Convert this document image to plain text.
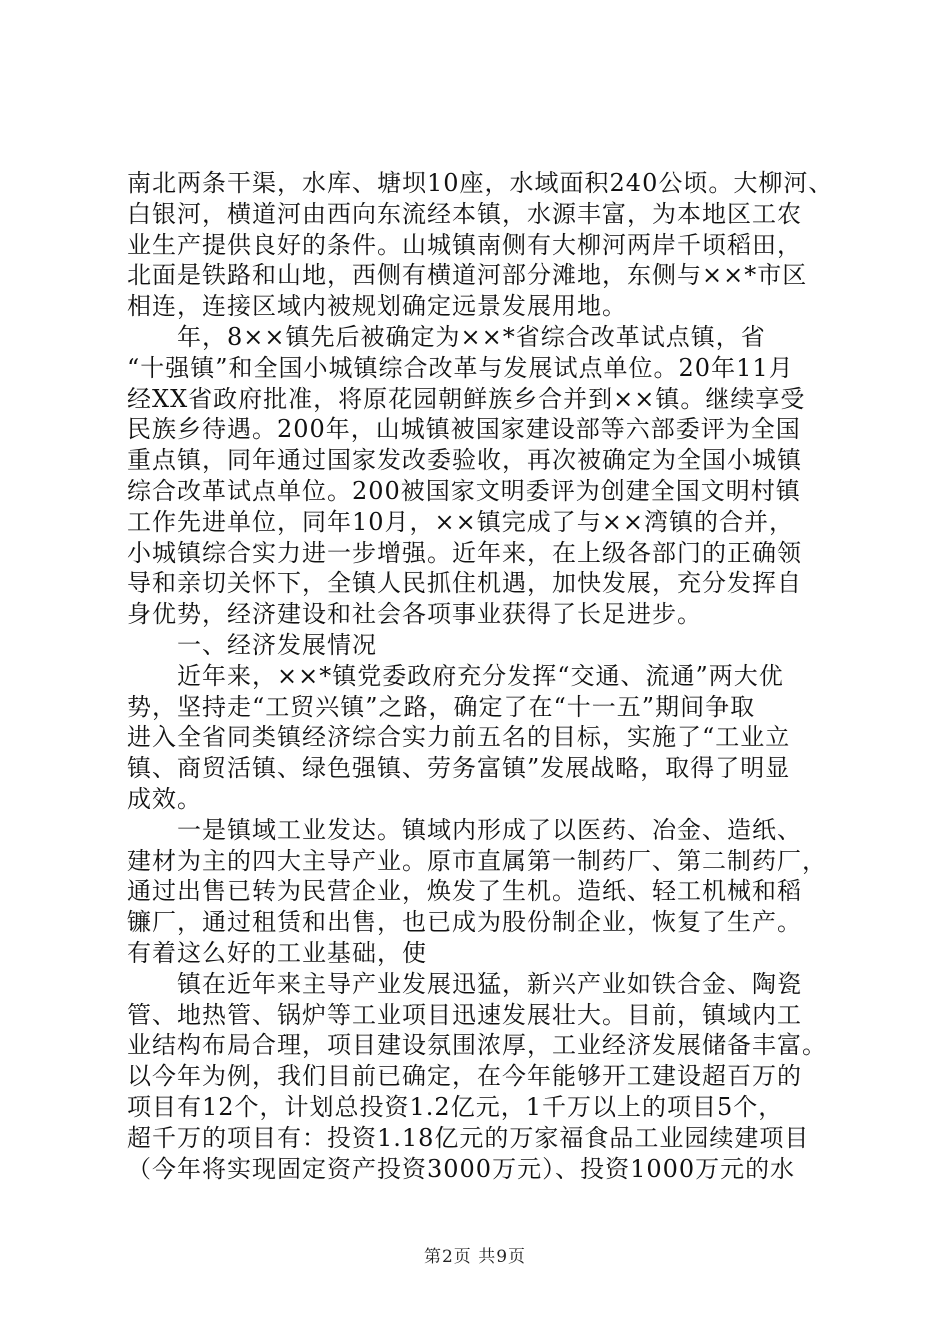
南北两条干渠，水库、塘坝10座，水域面积240公顷。大柳河、
白银河，横道河由西向东流经本镇，水源丰富，为本地区工农
业生产提供良好的条件。山城镇南侧有大柳河两岸千顷稻田，
北面是铁路和山地，西侧有横道河部分滩地，东侧与××*市区
相连，连接区域内被规划确定远景发展用地。
　　年，8××镇先后被确定为××*省综合改革试点镇，省
“十强镇”和全国小城镇综合改革与发展试点单位。20年11月
经XX省政府批准，将原花园朝鲜族乡合并到××镇。继续享受
民族乡待遇。200年，山城镇被国家建设部等六部委评为全国
重点镇，同年通过国家发改委验收，再次被确定为全国小城镇
综合改革试点单位。200被国家文明委评为创建全国文明村镇
工作先进单位，同年10月，××镇完成了与××湾镇的合并，
小城镇综合实力进一步增强。近年来，在上级各部门的正确领
导和亲切关怀下，全镇人民抓住机遇，加快发展，充分发挥自
身优势，经济建设和社会各项事业获得了长足进步。
　　一、经济发展情况
　　近年来，××*镇党委政府充分发挥“交通、流通”两大优
势，坚持走“工贸兴镇”之路，确定了在“十一五”期间争取
进入全省同类镇经济综合实力前五名的目标，实施了“工业立
镇、商贸活镇、绿色强镇、劳务富镇”发展战略，取得了明显
成效。
　　一是镇域工业发达。镇域内形成了以医药、冶金、造纸、
建材为主的四大主导产业。原市直属第一制药厂、第二制药厂，
通过出售已转为民营企业，焕发了生机。造纸、轻工机械和稻
镰厂，通过租赁和出售，也已成为股份制企业，恢复了生产。
有着这么好的工业基础，使
　　镇在近年来主导产业发展迅猛，新兴产业如铁合金、陶瓷
管、地热管、锅炉等工业项目迅速发展壮大。目前，镇域内工
业结构布局合理，项目建设氛围浓厚，工业经济发展储备丰富。
以今年为例，我们目前已确定，在今年能够开工建设超百万的
项目有12个，计划总投资1.2亿元，1千万以上的项目5个，
超千万的项目有：投资1.18亿元的万家福食品工业园续建项目
（今年将实现固定资产投资3000万元）、投资1000万元的水
第2页 共9页
